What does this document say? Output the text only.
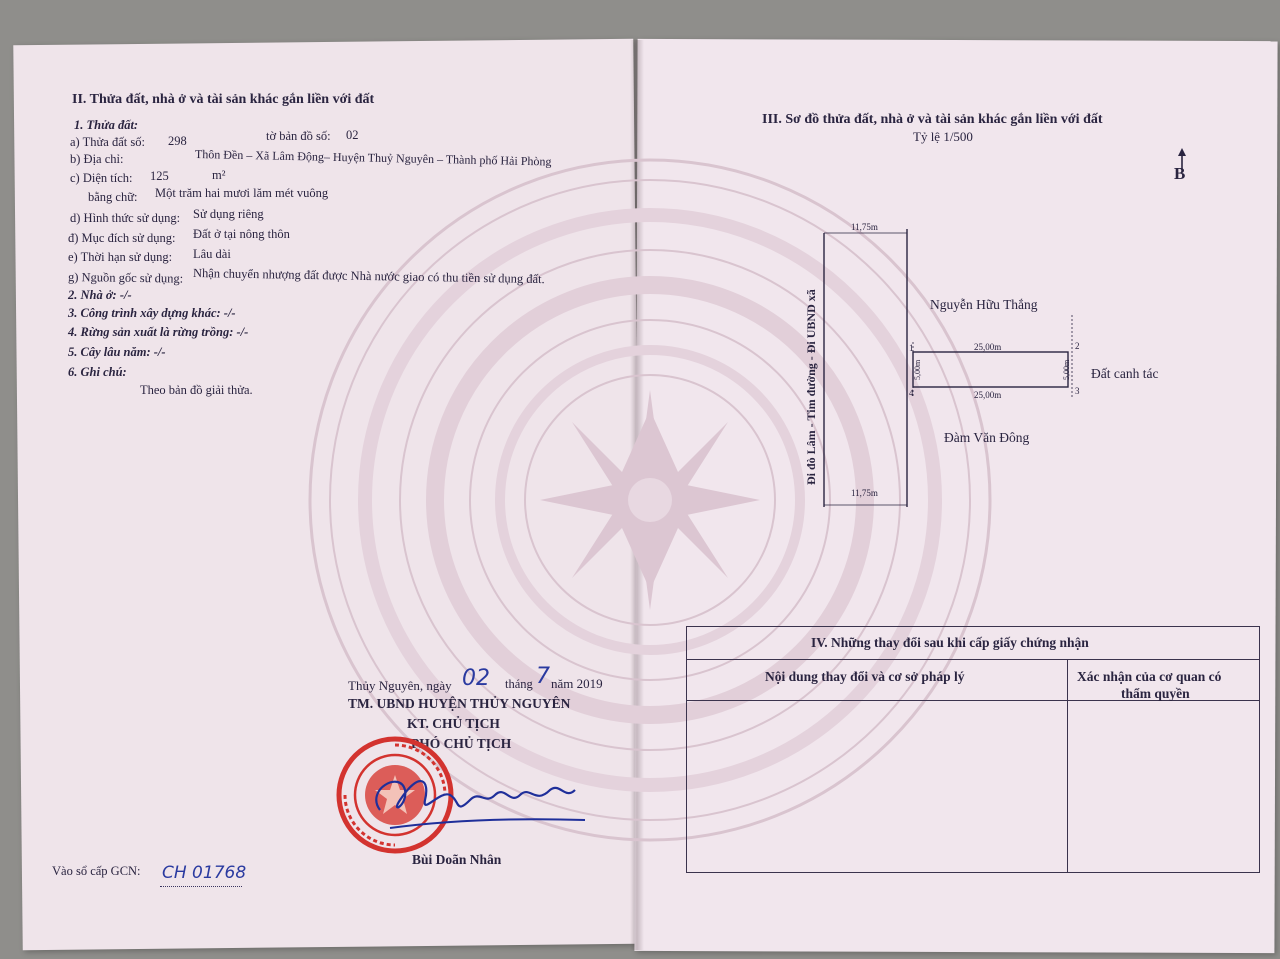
II. Thửa đất, nhà ở và tài sản khác gắn liền với đất
1. Thửa đất:
a) Thửa đất số: 298	tờ bản đồ số: 02
b) Địa chỉ:	Thôn Đền – Xã Lâm Động– Huyện Thuỷ Nguyên – Thành phố Hải Phòng
c) Diện tích: 125	m²
bằng chữ: Một trăm hai mươi lăm mét vuông
d) Hình thức sử dụng: Sử dụng riêng
đ) Mục đích sử dụng: Đất ở tại nông thôn
e) Thời hạn sử dụng: Lâu dài
g) Nguồn gốc sử dụng: Nhận chuyển nhượng đất được Nhà nước giao có thu tiền sử dụng đất.
2. Nhà ở: -/-
3. Công trình xây dựng khác: -/-
4. Rừng sản xuất là rừng trồng: -/-
5. Cây lâu năm: -/-
6. Ghi chú:
Theo bản đồ giải thửa.
Thủy Nguyên, ngày 02 tháng 7 năm 2019
TM. UBND HUYỆN THỦY NGUYÊN
KT. CHỦ TỊCH
PHÓ CHỦ TỊCH
Bùi Doãn Nhân
Vào sổ cấp GCN: CH 01768
III. Sơ đồ thửa đất, nhà ở và tài sản khác gắn liền với đất
Tỷ lệ 1/500
B
11,75m
11,75m
Đi đò Lâm - Tim đường - Đi UBND xã	Nguyễn Hữu Thắng
Đàm Văn Đông
Đất canh tác
25,00m
25,00m
5,00m	5,00m
1	2
3
4
IV. Những thay đổi sau khi cấp giấy chứng nhận
Nội dung thay đổi và cơ sở pháp lý	Xác nhận của cơ quan có
thẩm quyền
